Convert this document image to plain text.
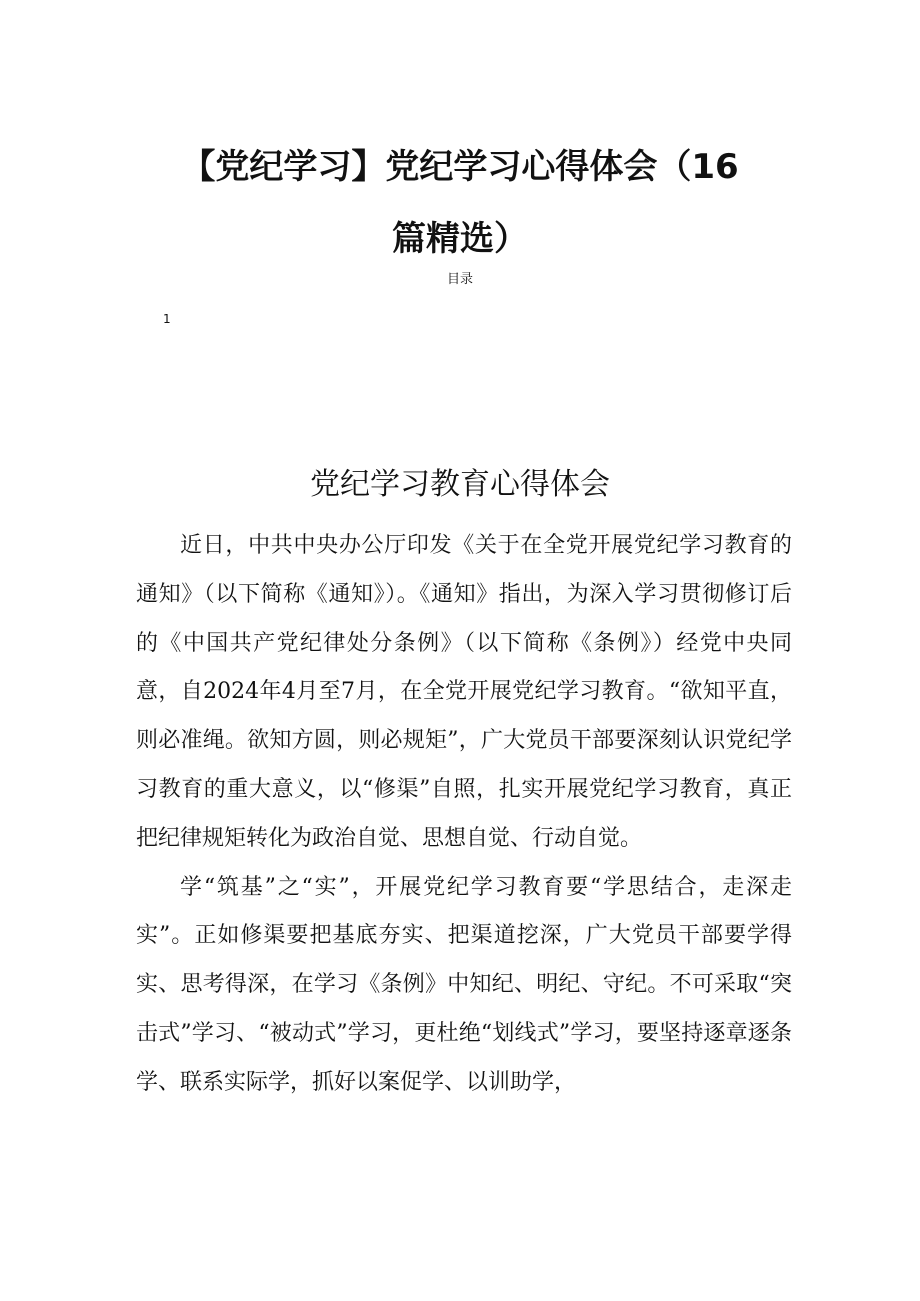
【党纪学习】党纪学习心得体会（16
篇精选）
目录
1
党纪学习教育心得体会

近日，中共中央办公厅印发《关于在全党开展党纪学习教育的通知》（以下简称《通知》）。《通知》指出，为深入学习贯彻修订后的《中国共产党纪律处分条例》（以下简称《条例》）经党中央同意，自2024年4月至7月，在全党开展党纪学习教育。“欲知平直，则必准绳。欲知方圆，则必规矩”，广大党员干部要深刻认识党纪学习教育的重大意义，以“修渠”自照，扎实开展党纪学习教育，真正把纪律规矩转化为政治自觉、思想自觉、行动自觉。

学“筑基”之“实”，开展党纪学习教育要“学思结合，走深走实”。正如修渠要把基底夯实、把渠道挖深，广大党员干部要学得实、思考得深，在学习《条例》中知纪、明纪、守纪。不可采取“突击式”学习、“被动式”学习，更杜绝“划线式”学习，要坚持逐章逐条学、联系实际学，抓好以案促学、以训助学，
